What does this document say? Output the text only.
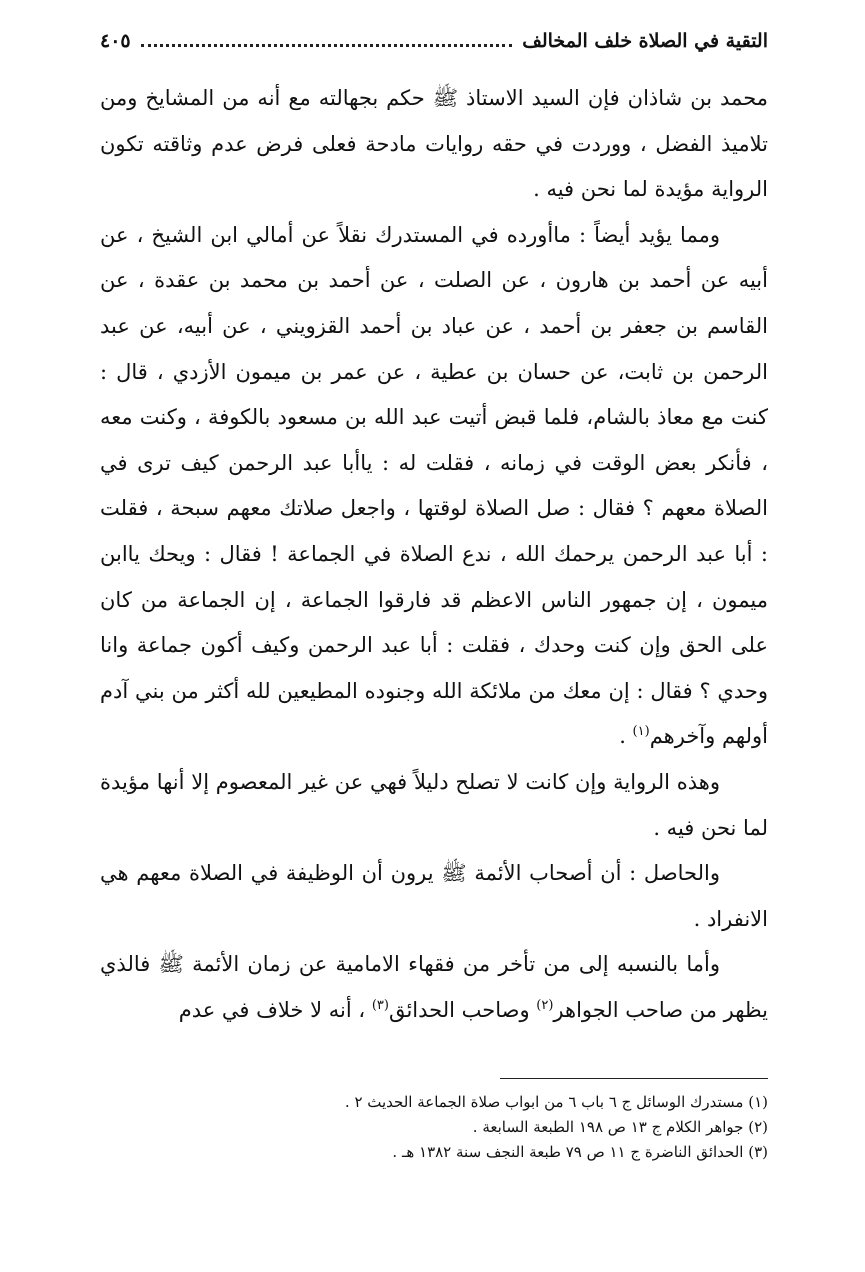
التقية في الصلاة خلف المخالف
٤٠٥

محمد بن شاذان فإن السيد الاستاذ ﷺ حكم بجهالته مع أنه من المشايخ ومن تلاميذ الفضل ، ووردت في حقه روايات مادحة فعلى فرض عدم وثاقته تكون الرواية مؤيدة لما نحن فيه .

ومما يؤيد أيضاً : ماأورده في المستدرك نقلاً عن أمالي ابن الشيخ ، عن أبيه عن أحمد بن هارون ، عن الصلت ، عن أحمد بن محمد بن عقدة ، عن القاسم بن جعفر بن أحمد ، عن عباد بن أحمد القزويني ، عن أبيه، عن عبد الرحمن بن ثابت، عن حسان بن عطية ، عن عمر بن ميمون الأزدي ، قال : كنت مع معاذ بالشام، فلما قبض أتيت عبد الله بن مسعود بالكوفة ، وكنت معه ، فأنكر بعض الوقت في زمانه ، فقلت له : ياأبا عبد الرحمن كيف ترى في الصلاة معهم ؟ فقال : صل الصلاة لوقتها ، واجعل صلاتك معهم سبحة ، فقلت : أبا عبد الرحمن يرحمك الله ، ندع الصلاة في الجماعة ! فقال : ويحك ياابن ميمون ، إن جمهور الناس الاعظم قد فارقوا الجماعة ، إن الجماعة من كان على الحق وإن كنت وحدك ، فقلت : أبا عبد الرحمن وكيف أكون جماعة وانا وحدي ؟ فقال : إن معك من ملائكة الله وجنوده المطيعين لله أكثر من بني آدم أولهم وآخرهم$^{(١)}$ .

وهذه الرواية وإن كانت لا تصلح دليلاً فهي عن غير المعصوم إلا أنها مؤيدة لما نحن فيه .

والحاصل : أن أصحاب الأئمة ﷺ يرون أن الوظيفة في الصلاة معهم هي الانفراد .

وأما بالنسبه إلى من تأخر من فقهاء الامامية عن زمان الأئمة ﷺ فالذي يظهر من صاحب الجواهر$^{(٢)}$ وصاحب الحدائق$^{(٣)}$ ، أنه لا خلاف في عدم

(١) مستدرك الوسائل ج ٦ باب ٦ من ابواب صلاة الجماعة الحديث ٢ .
(٢) جواهر الكلام ج ١٣ ص ١٩٨ الطبعة السابعة .
(٣) الحدائق الناضرة ج ١١ ص ٧٩ طبعة النجف سنة ١٣٨٢ هـ .
